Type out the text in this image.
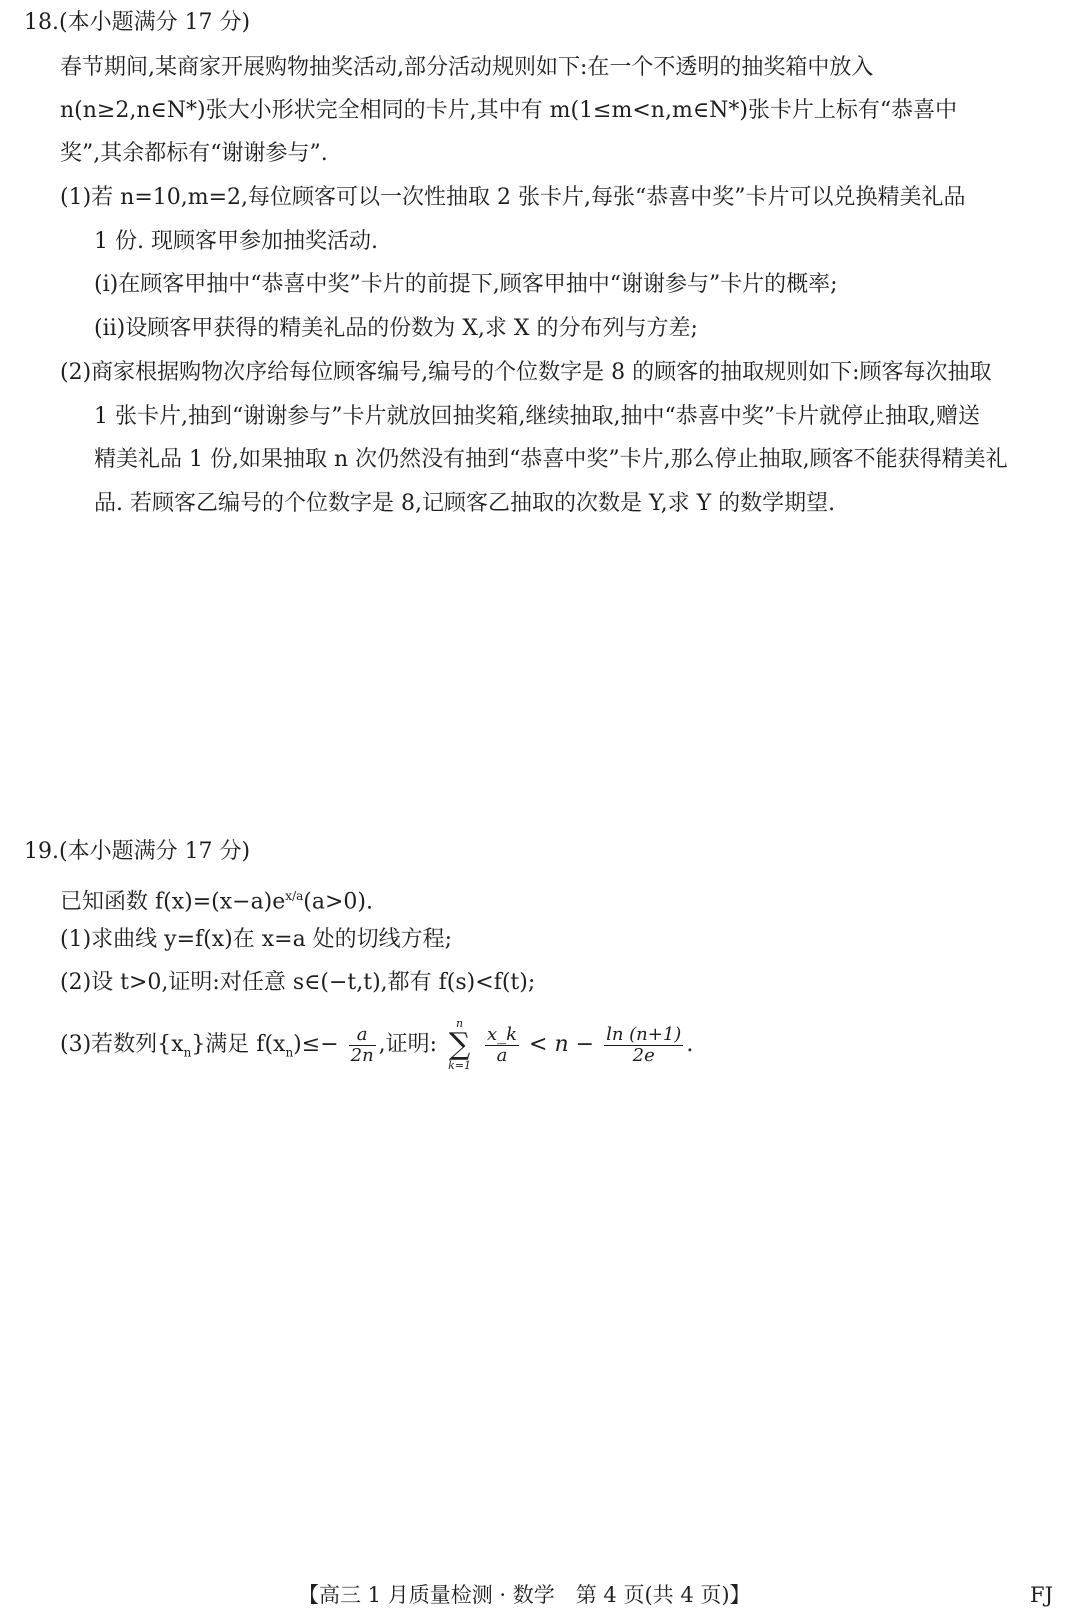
18.(本小题满分 17 分)
春节期间,某商家开展购物抽奖活动,部分活动规则如下:在一个不透明的抽奖箱中放入
n(n≥2,n∈N*)张大小形状完全相同的卡片,其中有 m(1≤m<n,m∈N*)张卡片上标有“恭喜中
奖”,其余都标有“谢谢参与”.
(1)若 n=10,m=2,每位顾客可以一次性抽取 2 张卡片,每张“恭喜中奖”卡片可以兑换精美礼品
1 份. 现顾客甲参加抽奖活动.
(ⅰ)在顾客甲抽中“恭喜中奖”卡片的前提下,顾客甲抽中“谢谢参与”卡片的概率;
(ⅱ)设顾客甲获得的精美礼品的份数为 X,求 X 的分布列与方差;
(2)商家根据购物次序给每位顾客编号,编号的个位数字是 8 的顾客的抽取规则如下:顾客每次抽取
1 张卡片,抽到“谢谢参与”卡片就放回抽奖箱,继续抽取,抽中“恭喜中奖”卡片就停止抽取,赠送
精美礼品 1 份,如果抽取 n 次仍然没有抽到“恭喜中奖”卡片,那么停止抽取,顾客不能获得精美礼
品. 若顾客乙编号的个位数字是 8,记顾客乙抽取的次数是 Y,求 Y 的数学期望.
19.(本小题满分 17 分)
已知函数 $f(x)=(x-a)e^{x/a}(a>0)$.
(1)求曲线 y=f(x)在 x=a 处的切线方程;
(2)设 t>0,证明:对任意 s∈(−t,t),都有 f(s)<f(t);
(3)若数列$\{x_n\}$满足 $f(x_n)\le- \frac{a}{2n}$ ,证明: n
∑
$k=1 \frac{x\_k}{a} < n - \frac{\ln (n+1)}{2e}$ .
【高三 1 月质量检测 · 数学　第 4 页(共 4 页)】	FJ
